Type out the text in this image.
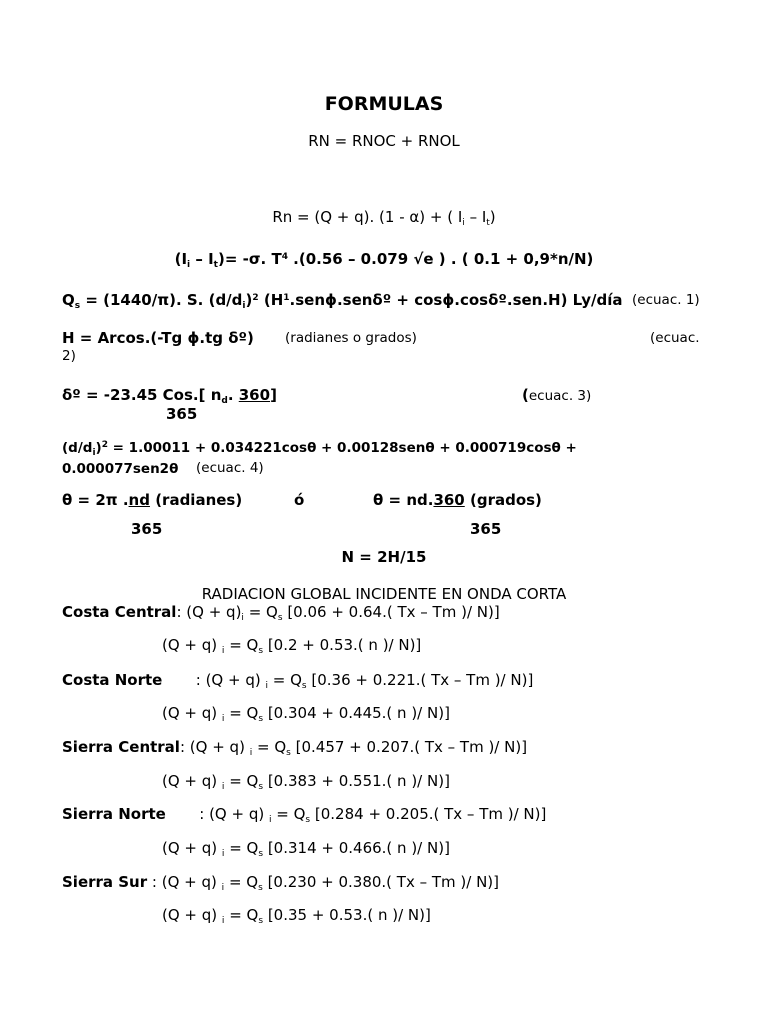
FORMULAS
RN = RNOC + RNOL
Rn = (Q + q). (1 - α) + ( $I_i - I_t$)
$(I_i - I_t)= -\sigma$. $T^4$ .(0.56 – 0.079 √e ) . ( 0.1 + 0,9*n/N)
$Q_s = (1440/\pi)$. S. $(d/d_i)^2$ ($H^1.sen\phi.sen\delta º$ + cosϕ.cosδº.sen.H) Ly/día (ecuac. 1)
H = Arcos.(-Tg ϕ.tg δº) (radianes o grados)	(ecuac.
2)
δº = -23.45 Cos.[ $n_d$. 360]	(ecuac. 3)
365
$(d/d_i)^2 = 1.00011 + 0.034221\cos\theta + 0.00128sen\theta + 0.000719\cos\theta$ +
0.000077sen2θ (ecuac. 4)
θ = 2π .nd (radianes)	ó	θ = nd.360 (grados)
365	365
N = 2H/15
RADIACION GLOBAL INCIDENTE EN ONDA CORTA
Costa Central: $(Q + q)_i = Q_s$ [0.06 + 0.64.( Tx – Tm )/ N)]
(Q + q) $_i = Q_s$ [0.2 + 0.53.( n )/ N)]
Costa Norte       : (Q + q) $_i = Q_s$ [0.36 + 0.221.( Tx – Tm )/ N)]
(Q + q) $_i = Q_s$ [0.304 + 0.445.( n )/ N)]
Sierra Central: (Q + q) $_i = Q_s$ [0.457 + 0.207.( Tx – Tm )/ N)]
(Q + q) $_i = Q_s$ [0.383 + 0.551.( n )/ N)]
Sierra Norte       : (Q + q) $_i = Q_s$ [0.284 + 0.205.( Tx – Tm )/ N)]
(Q + q) $_i = Q_s$ [0.314 + 0.466.( n )/ N)]
Sierra Sur : (Q + q) $_i = Q_s$ [0.230 + 0.380.( Tx – Tm )/ N)]
(Q + q) $_i = Q_s$ [0.35 + 0.53.( n )/ N)]
